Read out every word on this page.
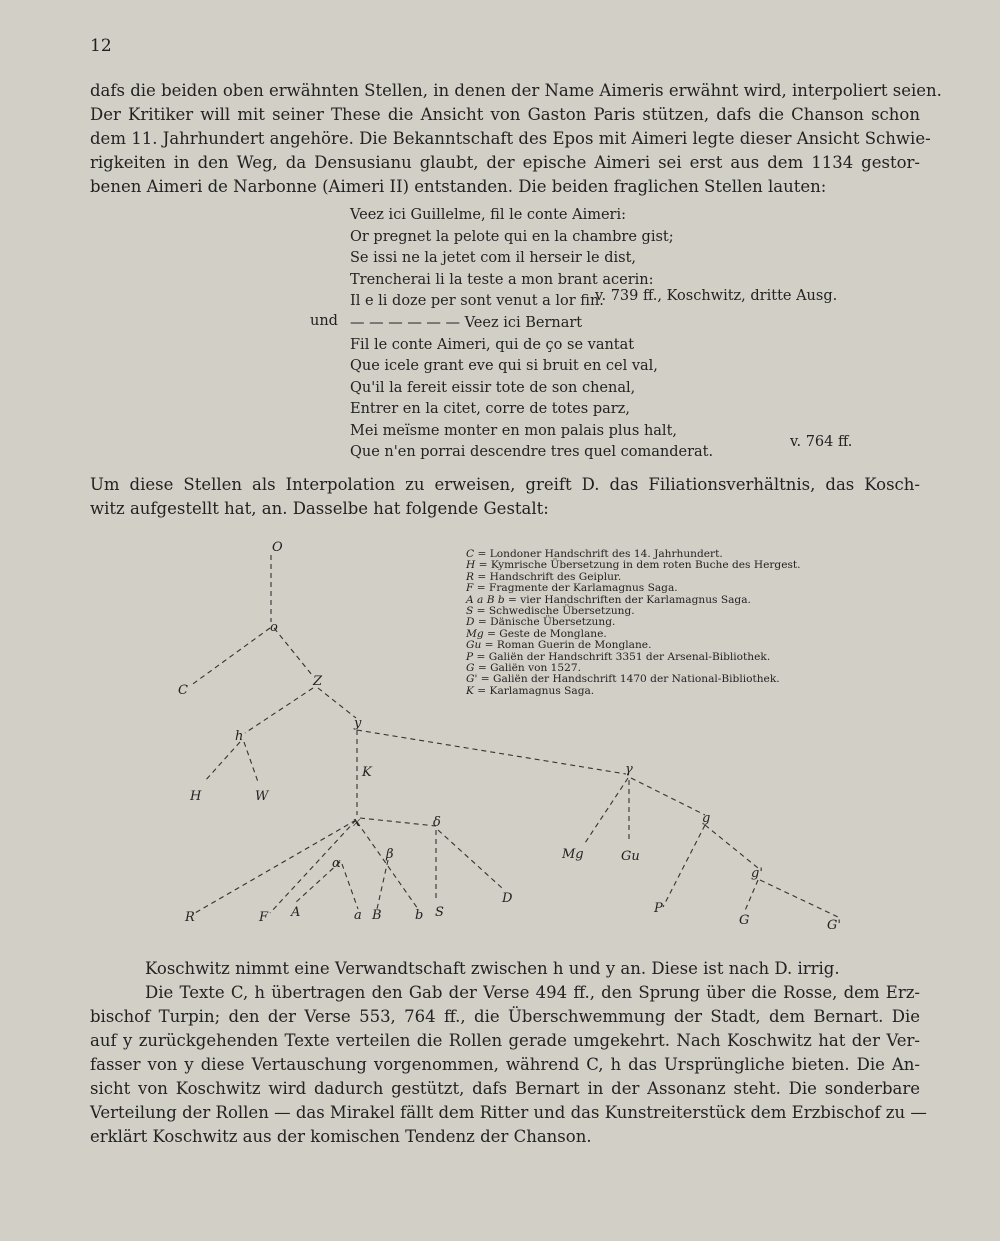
12
dafs die beiden oben erwähnten Stellen, in denen der Name Aimeris erwähnt wird, interpoliert seien.
Der Kritiker will mit seiner These die Ansicht von Gaston Paris stützen, dafs die Chanson schon
dem 11. Jahrhundert angehöre. Die Bekanntschaft des Epos mit Aimeri legte dieser Ansicht Schwie-
rigkeiten in den Weg, da Densusianu glaubt, der epische Aimeri sei erst aus dem 1134 gestor-
benen Aimeri de Narbonne (Aimeri II) entstanden. Die beiden fraglichen Stellen lauten:
Veez ici Guillelme, fil le conte Aimeri:
Or pregnet la pelote qui en la chambre gist;
Se issi ne la jetet com il herseir le dist,
Trencherai li la teste a mon brant acerin:
Il e li doze per sont venut a lor fin.
v. 739 ff., Koschwitz, dritte Ausg.
und — — — — — — Veez ici Bernart
Fil le conte Aimeri, qui de ço se vantat
Que icele grant eve qui si bruit en cel val,
Qu'il la fereit eissir tote de son chenal,
Entrer en la citet, corre de totes parz,
Mei meïsme monter en mon palais plus halt,
Que n'en porrai descendre tres quel comanderat.
v. 764 ff.
Um diese Stellen als Interpolation zu erweisen, greift D. das Filiationsverhältnis, das Kosch-
witz aufgestellt hat, an. Dasselbe hat folgende Gestalt:
O
o
C
Z
y
h
H	W
K	γ
x	δ
β
α
R	F A	a B	b S
D
Mg	Gu
g
g'
P
G	G'
C = Londoner Handschrift des 14. Jahrhundert.
H = Kymrische Übersetzung in dem roten Buche des Hergest.
R = Handschrift des Geiplur.
F = Fragmente der Karlamagnus Saga.
A a B b = vier Handschriften der Karlamagnus Saga.
S = Schwedische Übersetzung.
D = Dänische Übersetzung.
Mg = Geste de Monglane.
Gu = Roman Guerin de Monglane.
P = Galiën der Handschrift 3351 der Arsenal-Bibliothek.
G = Galiën von 1527.
G' = Galiën der Handschrift 1470 der National-Bibliothek.
K = Karlamagnus Saga.
Koschwitz nimmt eine Verwandtschaft zwischen h und y an. Diese ist nach D. irrig.
Die Texte C, h übertragen den Gab der Verse 494 ff., den Sprung über die Rosse, dem Erz-
bischof Turpin; den der Verse 553, 764 ff., die Überschwemmung der Stadt, dem Bernart. Die
auf y zurückgehenden Texte verteilen die Rollen gerade umgekehrt. Nach Koschwitz hat der Ver-
fasser von y diese Vertauschung vorgenommen, während C, h das Ursprüngliche bieten. Die An-
sicht von Koschwitz wird dadurch gestützt, dafs Bernart in der Assonanz steht. Die sonderbare
Verteilung der Rollen — das Mirakel fällt dem Ritter und das Kunstreiterstück dem Erzbischof zu —
erklärt Koschwitz aus der komischen Tendenz der Chanson.
